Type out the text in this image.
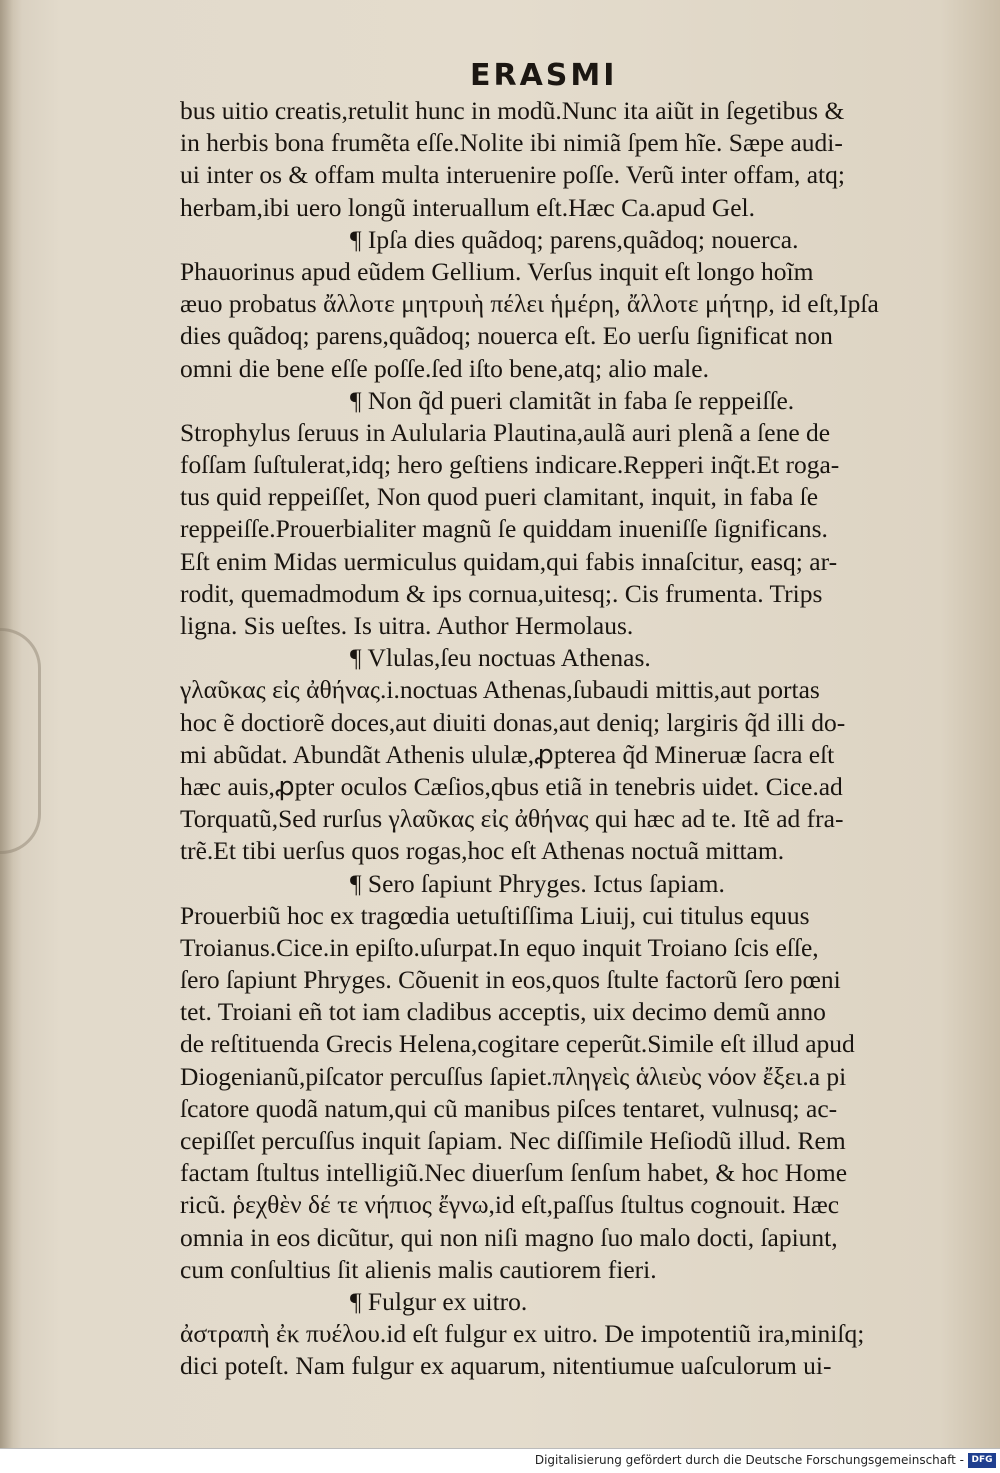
ERASMI
bus uitio creatis,retulit hunc in modũ.Nunc ita aiũt in ſegetibus &
in herbis bona frumẽta eſſe.Nolite ibi nimiã ſpem hĩe. Sæpe audi-
ui inter os & offam multa interuenire poſſe. Verũ inter offam, atq;
herbam,ibi uero longũ interuallum eſt.Hæc Ca.apud Gel.
¶ Ipſa dies quãdoq; parens,quãdoq; nouerca.
Phauorinus apud eũdem Gellium. Verſus inquit eſt longo hoĩm
æuo probatus ἄλλοτε μητρυιὴ πέλει ἡμέρη, ἄλλοτε μήτηρ, id eſt,Ipſa
dies quãdoq; parens,quãdoq; nouerca eſt. Eo uerſu ſignificat non
omni die bene eſſe poſſe.ſed iſto bene,atq; alio male.
¶ Non q̃d pueri clamitãt in faba ſe reppeiſſe.
Strophylus ſeruus in Aulularia Plautina,aulã auri plenã a ſene de
foſſam ſuſtulerat,idq; hero geſtiens indicare.Repperi inq̃t.Et roga-
tus quid reppeiſſet, Non quod pueri clamitant, inquit, in faba ſe
reppeiſſe.Prouerbialiter magnũ ſe quiddam inueniſſe ſignificans.
Eſt enim Midas uermiculus quidam,qui fabis innaſcitur, easq; ar-
rodit, quemadmodum & ips cornua,uitesq;. Cis frumenta. Trips
ligna. Sis ueſtes. Is uitra. Author Hermolaus.
¶ Vlulas,ſeu noctuas Athenas.
γλαῦκας εἰς ἀθήνας.i.noctuas Athenas,ſubaudi mittis,aut portas
hoc ẽ doctiorẽ doces,aut diuiti donas,aut deniq; largiris q̃d illi do-
mi abũdat. Abundãt Athenis ululæ,ꝓpterea q̃d Mineruæ ſacra eſt
hæc auis,ꝓpter oculos Cæſios,qbus etiã in tenebris uidet. Cice.ad
Torquatũ,Sed rurſus γλαῦκας εἰς ἀθήνας qui hæc ad te. Itẽ ad fra-
trẽ.Et tibi uerſus quos rogas,hoc eſt Athenas noctuã mittam.
¶ Sero ſapiunt Phryges. Ictus ſapiam.
Prouerbiũ hoc ex tragœdia uetuſtiſſima Liuij, cui titulus equus
Troianus.Cice.in epiſto.uſurpat.In equo inquit Troiano ſcis eſſe,
ſero ſapiunt Phryges. Cõuenit in eos,quos ſtulte factorũ ſero pœni
tet. Troiani eñ tot iam cladibus acceptis, uix decimo demũ anno
de reſtituenda Grecis Helena,cogitare ceperũt.Simile eſt illud apud
Diogenianũ,piſcator percuſſus ſapiet.πληγεὶς ἁλιεὺς νόον ἔξει.a pi
ſcatore quodã natum,qui cũ manibus piſces tentaret, vulnusq; ac-
cepiſſet percuſſus inquit ſapiam. Nec diſſimile Heſiodũ illud. Rem
factam ſtultus intelligiũ.Nec diuerſum ſenſum habet, & hoc Home
ricũ. ῥεχθὲν δέ τε νήπιος ἔγνω,id eſt,paſſus ſtultus cognouit. Hæc
omnia in eos dicũtur, qui non niſi magno ſuo malo docti, ſapiunt,
cum conſultius ſit alienis malis cautiorem fieri.
¶ Fulgur ex uitro.
ἀστραπὴ ἐκ πυέλου.id eſt fulgur ex uitro. De impotentiũ ira,miniſq;
dici poteſt. Nam fulgur ex aquarum, nitentiumue uaſculorum ui-
Digitalisierung gefördert durch die Deutsche Forschungsgemeinschaft - DFG
